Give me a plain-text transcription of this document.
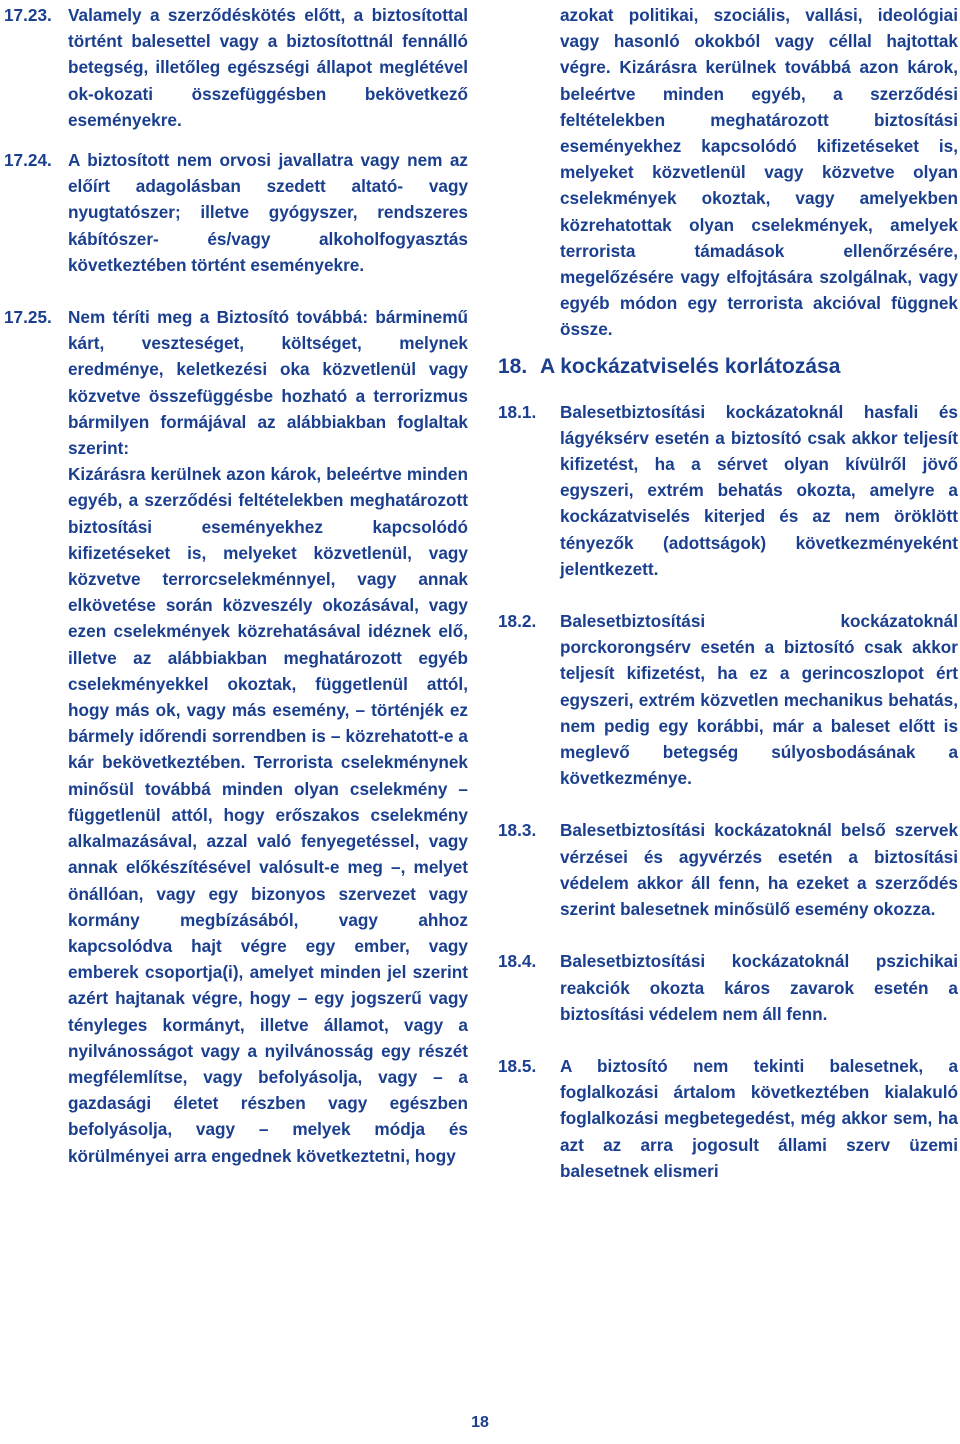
17.23. Valamely a szerződéskötés előtt, a biztosítottal történt balesettel vagy a biztosítottnál fennálló betegség, illetőleg egészségi állapot meglétével ok-okozati összefüggésben bekövetkező eseményekre.

17.24. A biztosított nem orvosi javallatra vagy nem az előírt adagolásban szedett altató- vagy nyugtatószer; illetve gyógyszer, rendszeres kábítószer- és/vagy alkoholfogyasztás következtében történt eseményekre.

17.25. Nem téríti meg a Biztosító továbbá: bárminemű kárt, veszteséget, költséget, melynek eredménye, keletkezési oka közvetlenül vagy közvetve összefüggésbe hozható a terrorizmus bármilyen formájával az alábbiakban foglaltak szerint:

Kizárásra kerülnek azon károk, beleértve minden egyéb, a szerződési feltételekben meghatározott biztosítási eseményekhez kapcsolódó kifizetéseket is, melyeket közvetlenül, vagy közvetve terrorcselekménnyel, vagy annak elkövetése során közveszély okozásával, vagy ezen cselekmények közrehatásával idéznek elő, illetve az alábbiakban meghatározott egyéb cselekményekkel okoztak, függetlenül attól, hogy más ok, vagy más esemény, – történjék ez bármely időrendi sorrendben is – közrehatott-e a kár bekövetkeztében. Terrorista cselekménynek minősül továbbá minden olyan cselekmény – függetlenül attól, hogy erőszakos cselekmény alkalmazásával, azzal való fenyegetéssel, vagy annak előkészítésével valósult-e meg –, melyet önállóan, vagy egy bizonyos szervezet vagy kormány megbízásából, vagy ahhoz kapcsolódva hajt végre egy ember, vagy emberek csoportja(i), amelyet minden jel szerint azért hajtanak végre, hogy – egy jogszerű vagy tényleges kormányt, illetve államot, vagy a nyilvánosságot vagy a nyilvánosság egy részét megfélemlítse, vagy befolyásolja, vagy – a gazdasági életet részben vagy egészben befolyásolja, vagy – melyek módja és körülményei arra engednek következtetni, hogy

azokat politikai, szociális, vallási, ideológiai vagy hasonló okokból vagy céllal hajtottak végre. Kizárásra kerülnek továbbá azon károk, beleértve minden egyéb, a szerződési feltételekben meghatározott biztosítási eseményekhez kapcsolódó kifizetéseket is, melyeket közvetlenül vagy közvetve olyan cselekmények okoztak, vagy amelyekben közrehatottak olyan cselekmények, amelyek terrorista támadások ellenőrzésére, megelőzésére vagy elfojtására szolgálnak, vagy egyéb módon egy terrorista akcióval függnek össze.
18. A kockázatviselés korlátozása
18.1.	Balesetbiztosítási kockázatoknál hasfali és lágyéksérv esetén a biztosító csak akkor teljesít kifizetést, ha a sérvet olyan kívülről jövő egyszeri, extrém behatás okozta, amelyre a kockázatviselés kiterjed és az nem öröklött tényezők (adottságok) következményeként jelentkezett.
18.2.	Balesetbiztosítási kockázatoknál porckorongsérv esetén a biztosító csak akkor teljesít kifizetést, ha ez a gerincoszlopot ért egyszeri, extrém közvetlen mechanikus behatás, nem pedig egy korábbi, már a baleset előtt is meglevő betegség súlyosbodásának a következménye.
18.3.	Balesetbiztosítási kockázatoknál belső szervek vérzései és agyvérzés esetén a biztosítási védelem akkor áll fenn, ha ezeket a szerződés szerint balesetnek minősülő esemény okozza.
18.4.	Balesetbiztosítási kockázatoknál pszichikai reakciók okozta káros zavarok esetén a biztosítási védelem nem áll fenn.
18.5.	A biztosító nem tekinti balesetnek, a foglalkozási ártalom következtében kialakuló foglalkozási megbetegedést, még akkor sem, ha azt az arra jogosult állami szerv üzemi balesetnek elismeri
18
